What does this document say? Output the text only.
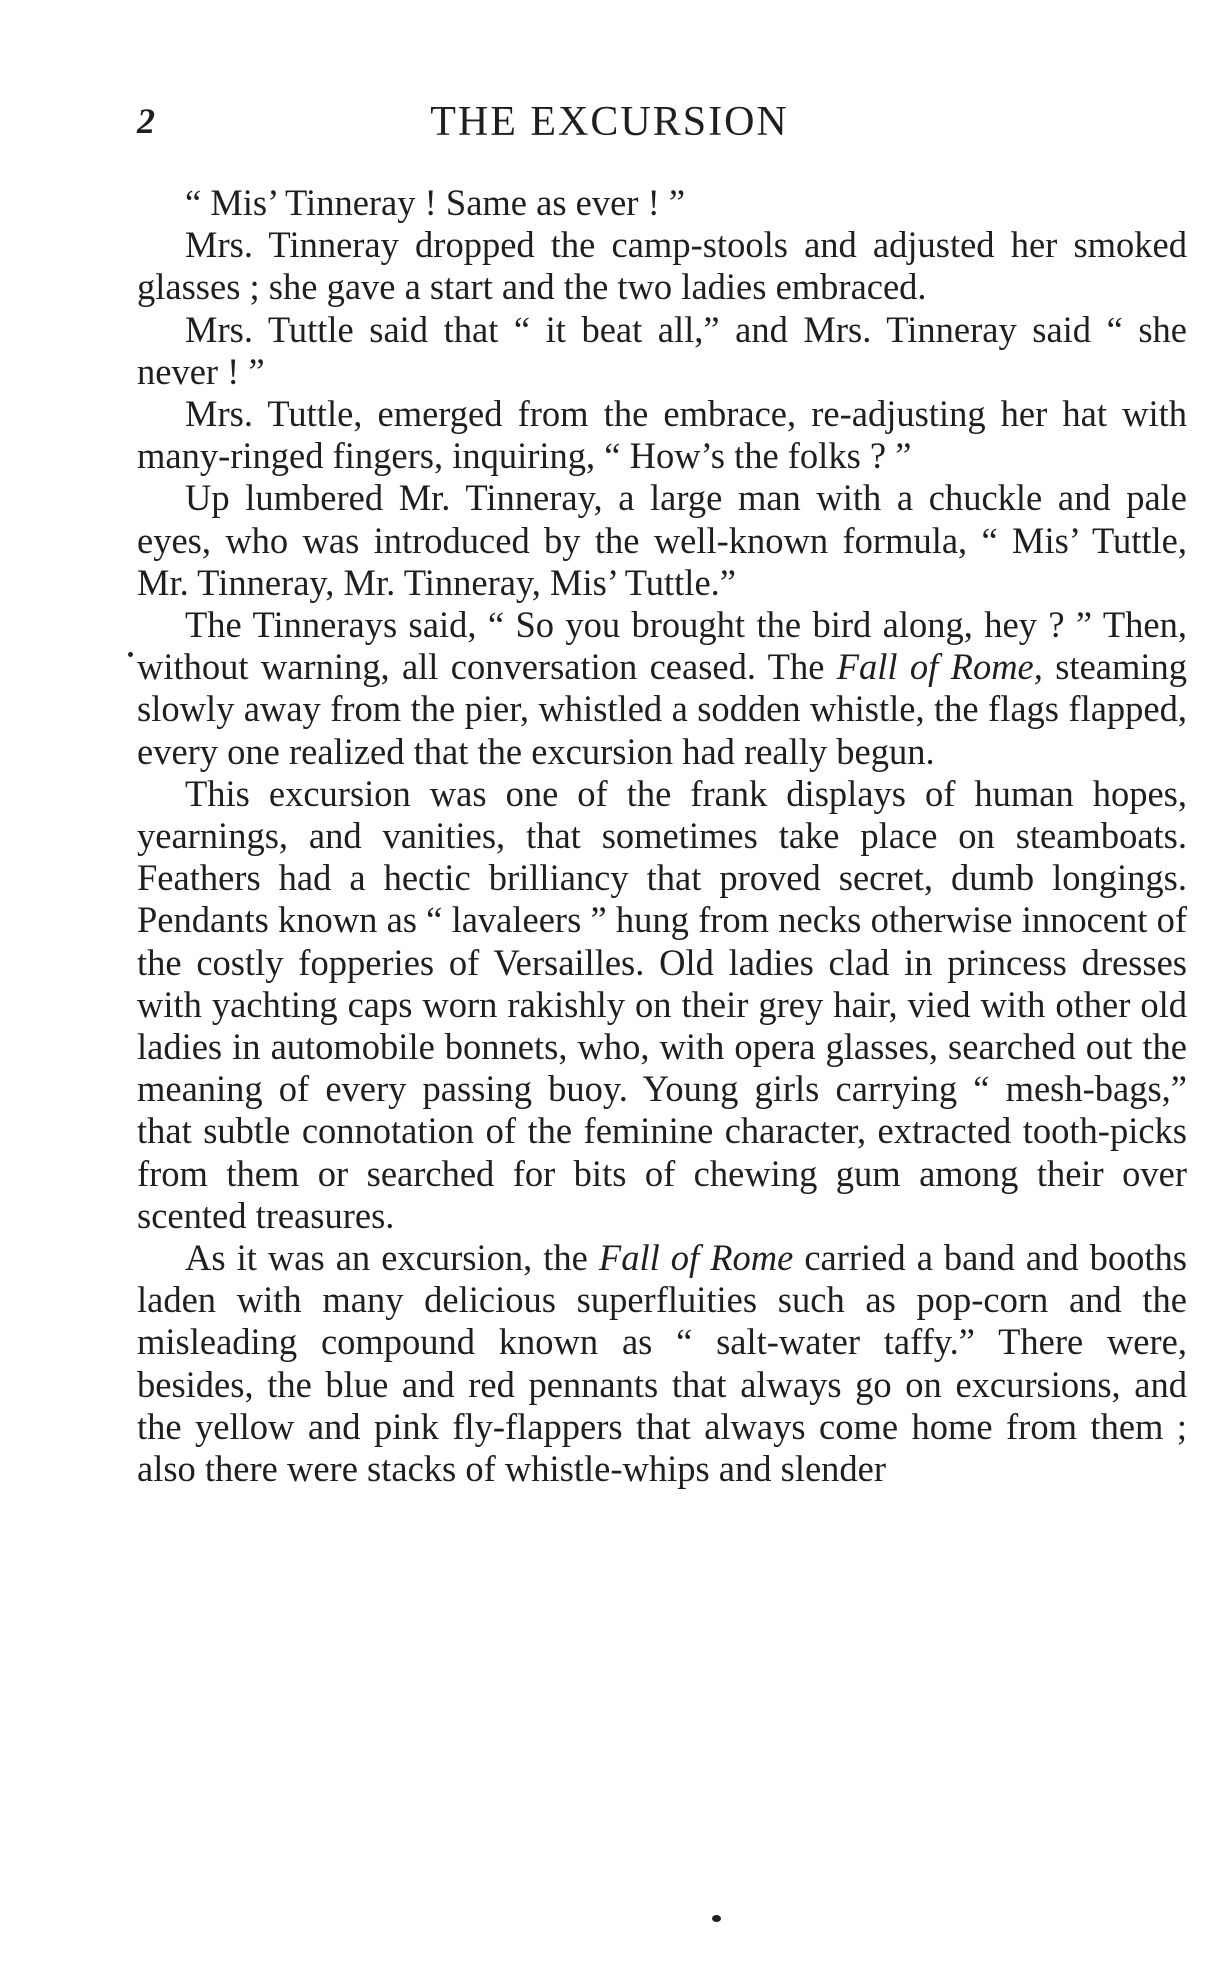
2	THE EXCURSION

“ Mis’ Tinneray ! Same as ever ! ”

Mrs. Tinneray dropped the camp-stools and adjusted her smoked glasses ; she gave a start and the two ladies embraced.

Mrs. Tuttle said that “ it beat all,” and Mrs. Tinneray said “ she never ! ”

Mrs. Tuttle, emerged from the embrace, re-adjusting her hat with many-ringed fingers, inquiring, “ How’s the folks ? ”

Up lumbered Mr. Tinneray, a large man with a chuckle and pale eyes, who was introduced by the well-known formula, “ Mis’ Tuttle, Mr. Tinneray, Mr. Tinneray, Mis’ Tuttle.”

The Tinnerays said, “ So you brought the bird along, hey ? ” Then, without warning, all conversation ceased. The Fall of Rome, steaming slowly away from the pier, whistled a sodden whistle, the flags flapped, every one realized that the excursion had really begun.

This excursion was one of the frank displays of human hopes, yearnings, and vanities, that sometimes take place on steamboats. Feathers had a hectic brilliancy that proved secret, dumb longings. Pendants known as “ lavaleers ” hung from necks otherwise innocent of the costly fopperies of Versailles. Old ladies clad in princess dresses with yachting caps worn rakishly on their grey hair, vied with other old ladies in automobile bonnets, who, with opera glasses, searched out the meaning of every passing buoy. Young girls carrying “ mesh-bags,” that subtle connotation of the feminine character, extracted tooth-picks from them or searched for bits of chewing gum among their over scented treasures.

As it was an excursion, the Fall of Rome carried a band and booths laden with many delicious superfluities such as pop-corn and the misleading compound known as “ salt-water taffy.” There were, besides, the blue and red pennants that always go on excursions, and the yellow and pink fly-flappers that always come home from them ; also there were stacks of whistle-whips and slender
